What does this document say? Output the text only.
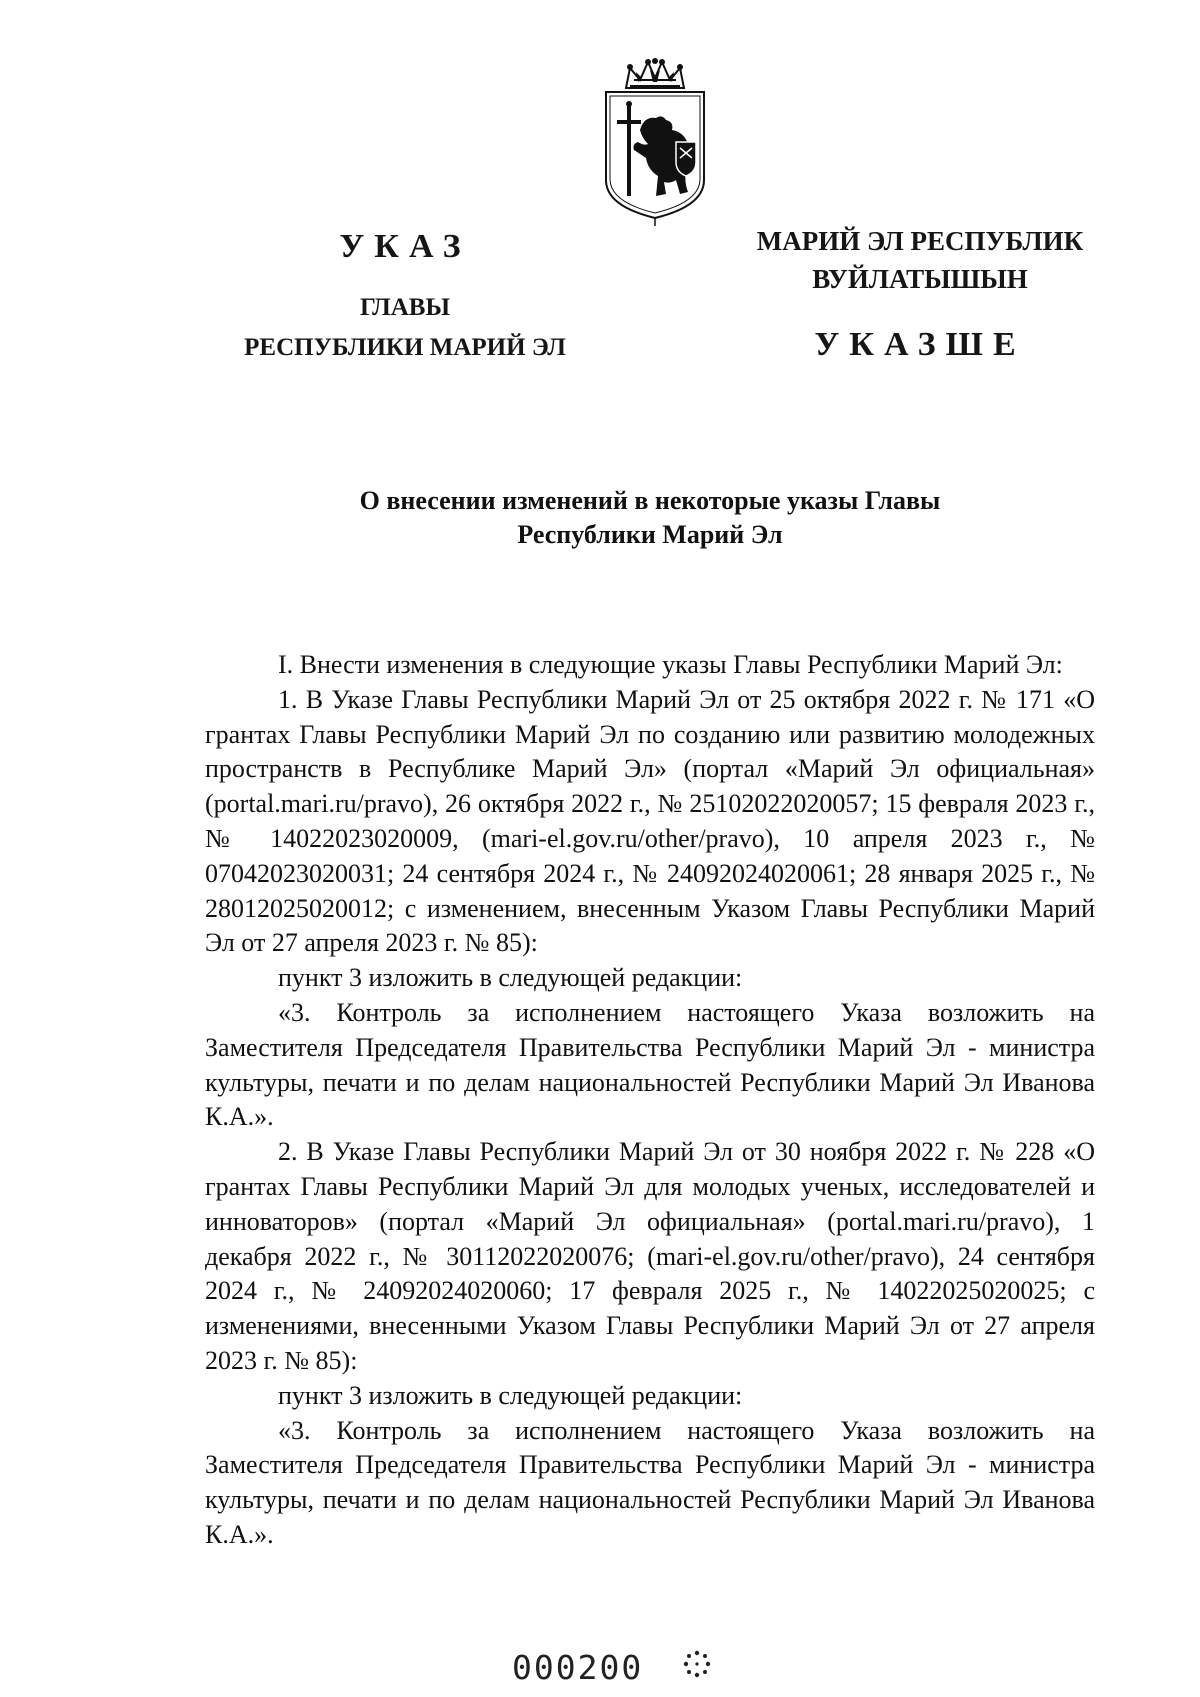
УКАЗ
ГЛАВЫ
РЕСПУБЛИКИ МАРИЙ ЭЛ
МАРИЙ ЭЛ РЕСПУБЛИК
ВУЙЛАТЫШЫН
УКАЗШЕ
О внесении изменений в некоторые указы Главы
Республики Марий Эл

I. Внести изменения в следующие указы Главы Республики Марий Эл:

1. В Указе Главы Республики Марий Эл от 25 октября 2022 г. № 171 «О грантах Главы Республики Марий Эл по созданию или развитию молодежных пространств в Республике Марий Эл» (портал «Марий Эл официальная» (portal.mari.ru/pravo), 26 октября 2022 г., № 25102022020057; 15 февраля 2023 г., № 14022023020009, (mari-el.gov.ru/other/pravo), 10 апреля 2023 г., № 07042023020031; 24 сентября 2024 г., № 24092024020061; 28 января 2025 г., № 28012025020012; с изменением, внесенным Указом Главы Республики Марий Эл от 27 апреля 2023 г. № 85):

пункт 3 изложить в следующей редакции:

«3. Контроль за исполнением настоящего Указа возложить на Заместителя Председателя Правительства Республики Марий Эл - министра культуры, печати и по делам национальностей Республики Марий Эл Иванова К.А.».

2. В Указе Главы Республики Марий Эл от 30 ноября 2022 г. № 228 «О грантах Главы Республики Марий Эл для молодых ученых, исследователей и инноваторов» (портал «Марий Эл официальная» (portal.mari.ru/pravo), 1 декабря 2022 г., № 30112022020076; (mari-el.gov.ru/other/pravo), 24 сентября 2024 г., № 24092024020060; 17 февраля 2025 г., № 14022025020025; с изменениями, внесенными Указом Главы Республики Марий Эл от 27 апреля 2023 г. № 85):

пункт 3 изложить в следующей редакции:

«3. Контроль за исполнением настоящего Указа возложить на Заместителя Председателя Правительства Республики Марий Эл - министра культуры, печати и по делам национальностей Республики Марий Эл Иванова К.А.».

000200
